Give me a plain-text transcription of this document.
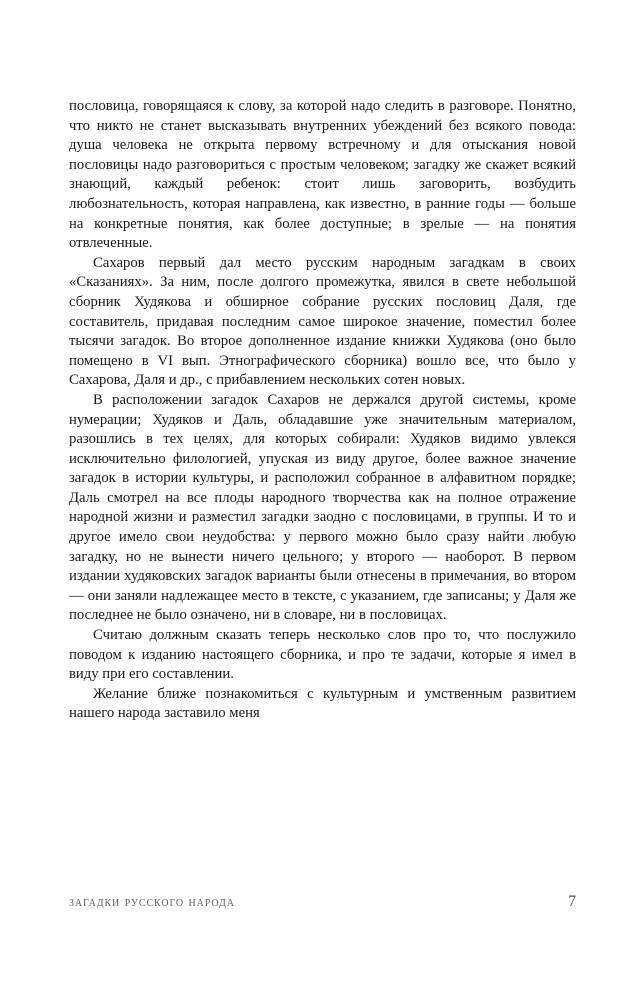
пословица, говорящаяся к слову, за которой надо следить в разговоре. Понятно, что никто не станет высказывать внутренних убеждений без всякого повода: душа человека не открыта первому встречному и для отыскания новой пословицы надо разговориться с простым человеком; загадку же скажет всякий знающий, каждый ребенок: стоит лишь заговорить, возбудить любознательность, которая направлена, как известно, в ранние годы — больше на конкретные понятия, как более доступные; в зрелые — на понятия отвлеченные.

Сахаров первый дал место русским народным загадкам в своих «Сказаниях». За ним, после долгого промежутка, явился в свете небольшой сборник Худякова и обширное собрание русских пословиц Даля, где составитель, придавая последним самое широкое значение, поместил более тысячи загадок. Во второе дополненное издание книжки Худякова (оно было помещено в VI вып. Этнографического сборника) вошло все, что было у Сахарова, Даля и др., с прибавлением нескольких сотен новых.

В расположении загадок Сахаров не держался другой системы, кроме нумерации; Худяков и Даль, обладавшие уже значительным материалом, разошлись в тех целях, для которых собирали: Худяков видимо увлекся исключительно филологией, упуская из виду другое, более важное значение загадок в истории культуры, и расположил собранное в алфавитном порядке; Даль смотрел на все плоды народного творчества как на полное отражение народной жизни и разместил загадки заодно с пословицами, в группы. И то и другое имело свои неудобства: у первого можно было сразу найти любую загадку, но не вынести ничего цельного; у второго — наоборот. В первом издании худяковских загадок варианты были отнесены в примечания, во втором — они заняли надлежащее место в тексте, с указанием, где записаны; у Даля же последнее не было означено, ни в словаре, ни в пословицах.

Считаю должным сказать теперь несколько слов про то, что послужило поводом к изданию настоящего сборника, и про те задачи, которые я имел в виду при его составлении.

Желание ближе познакомиться с культурным и умственным развитием нашего народа заставило меня

загадки русского народа	7
